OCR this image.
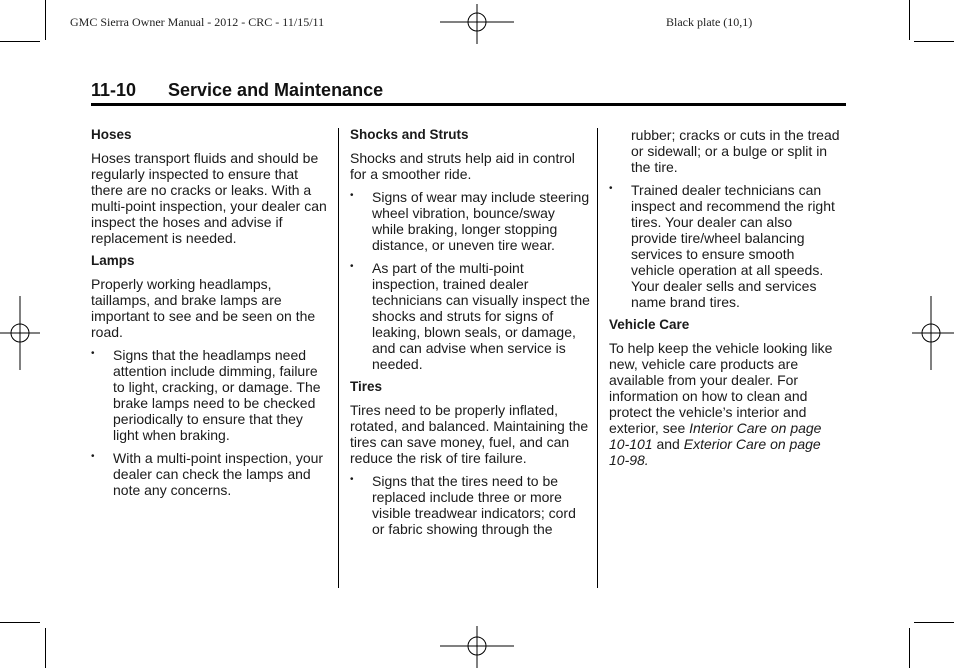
GMC Sierra Owner Manual - 2012 - CRC - 11/15/11	Black plate (10,1)
11-10 Service and Maintenance
Hoses

Hoses transport fluids and should be regularly inspected to ensure that there are no cracks or leaks. With a multi-point inspection, your dealer can inspect the hoses and advise if replacement is needed.

Lamps

Properly working headlamps, taillamps, and brake lamps are important to see and be seen on the road.

• Signs that the headlamps need attention include dimming, failure to light, cracking, or damage. The brake lamps need to be checked periodically to ensure that they light when braking.
• With a multi-point inspection, your dealer can check the lamps and note any concerns.
Shocks and Struts

Shocks and struts help aid in control for a smoother ride.

• Signs of wear may include steering wheel vibration, bounce/sway while braking, longer stopping distance, or uneven tire wear.
• As part of the multi-point inspection, trained dealer technicians can visually inspect the shocks and struts for signs of leaking, blown seals, or damage, and can advise when service is needed.
Tires

Tires need to be properly inflated, rotated, and balanced. Maintaining the tires can save money, fuel, and can reduce the risk of tire failure.

• Signs that the tires need to be replaced include three or more visible treadwear indicators; cord or fabric showing through the
rubber; cracks or cuts in the tread or sidewall; or a bulge or split in the tire.
• Trained dealer technicians can inspect and recommend the right tires. Your dealer can also provide tire/wheel balancing services to ensure smooth vehicle operation at all speeds. Your dealer sells and services name brand tires.
Vehicle Care

To help keep the vehicle looking like new, vehicle care products are available from your dealer. For information on how to clean and protect the vehicle’s interior and exterior, see Interior Care on page 10-101 and Exterior Care on page 10-98.
